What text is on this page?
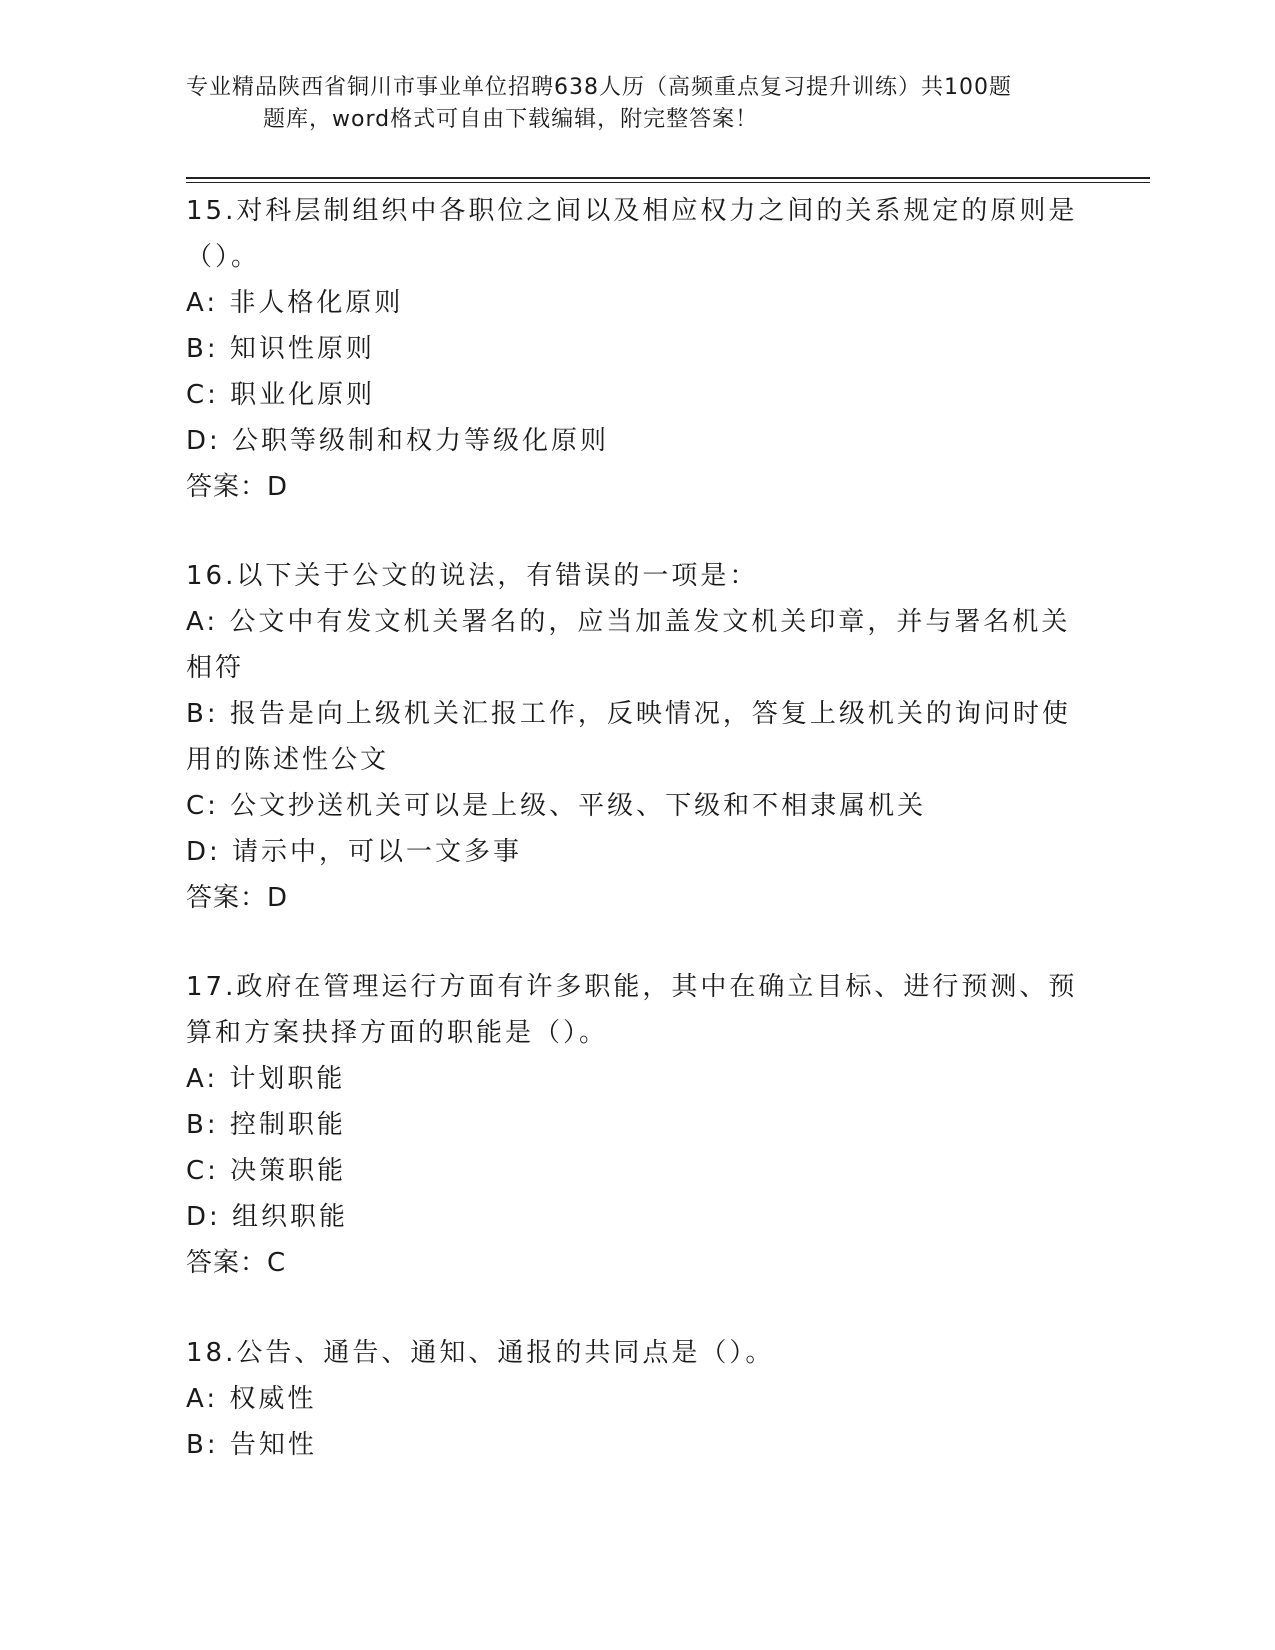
专业精品陕西省铜川市事业单位招聘638人历（高频重点复习提升训练）共100题
题库，word格式可自由下载编辑，附完整答案！

15.对科层制组织中各职位之间以及相应权力之间的关系规定的原则是（）。

A: 非人格化原则

B: 知识性原则

C: 职业化原则

D: 公职等级制和权力等级化原则

答案：D

16.以下关于公文的说法，有错误的一项是：

A: 公文中有发文机关署名的，应当加盖发文机关印章，并与署名机关相符

B: 报告是向上级机关汇报工作，反映情况，答复上级机关的询问时使用的陈述性公文

C: 公文抄送机关可以是上级、平级、下级和不相隶属机关

D: 请示中，可以一文多事

答案：D

17.政府在管理运行方面有许多职能，其中在确立目标、进行预测、预算和方案抉择方面的职能是（）。

A: 计划职能

B: 控制职能

C: 决策职能

D: 组织职能

答案：C

18.公告、通告、通知、通报的共同点是（）。

A: 权威性

B: 告知性
